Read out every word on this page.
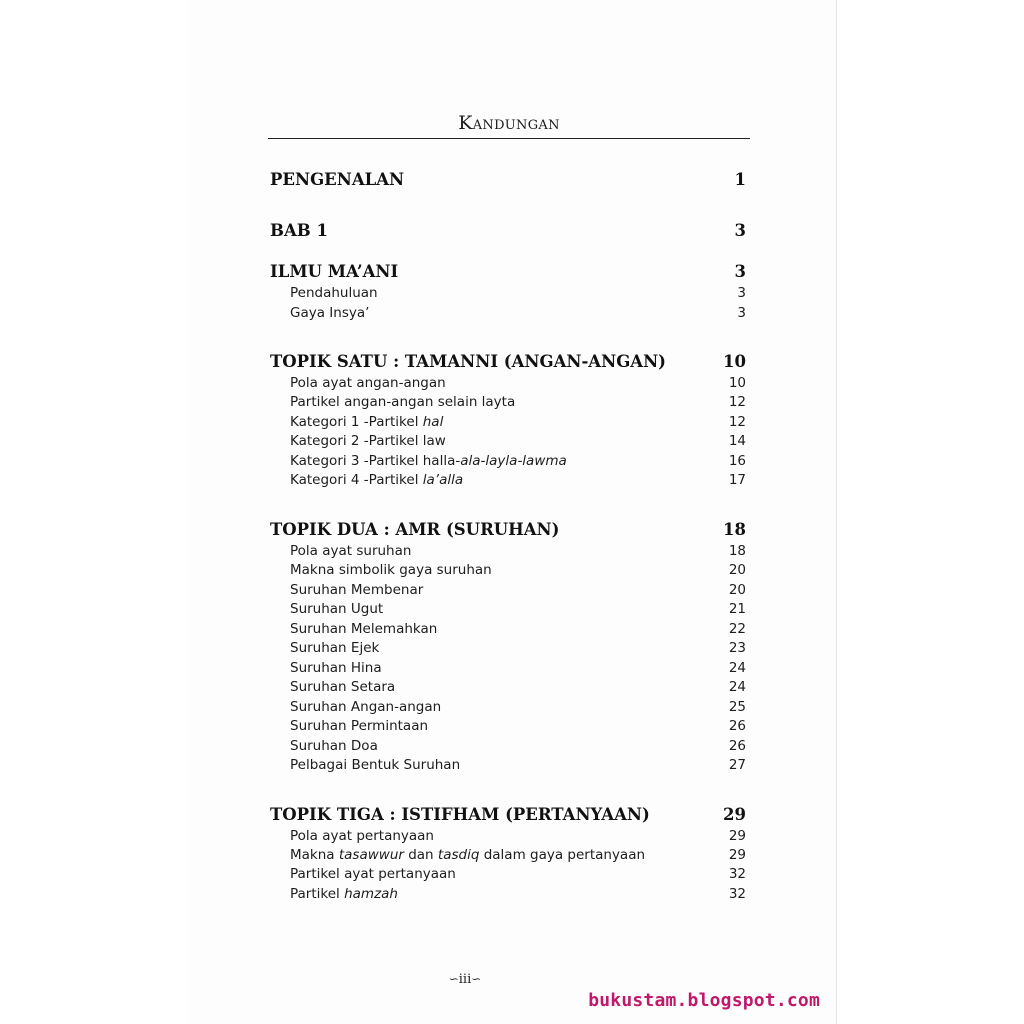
Kandungan
PENGENALAN	1
BAB 1	3
ILMU MA’ANI	3
Pendahuluan	3
Gaya Insya’	3
TOPIK SATU : TAMANNI (ANGAN-ANGAN)	10
Pola ayat angan-angan	10
Partikel angan-angan selain layta	12
Kategori 1 -Partikel hal	12
Kategori 2 -Partikel law	14
Kategori 3 -Partikel halla-ala-layla-lawma	16
Kategori 4 -Partikel la’alla	17
TOPIK DUA : AMR (SURUHAN)	18
Pola ayat suruhan	18
Makna simbolik gaya suruhan	20
Suruhan Membenar	20
Suruhan Ugut	21
Suruhan Melemahkan	22
Suruhan Ejek	23
Suruhan Hina	24
Suruhan Setara	24
Suruhan Angan-angan	25
Suruhan Permintaan	26
Suruhan Doa	26
Pelbagai Bentuk Suruhan	27
TOPIK TIGA : ISTIFHAM (PERTANYAAN)	29
Pola ayat pertanyaan	29
Makna tasawwur dan tasdiq dalam gaya pertanyaan	29
Partikel ayat pertanyaan	32
Partikel hamzah	32
∽iii∽
bukustam.blogspot.com
